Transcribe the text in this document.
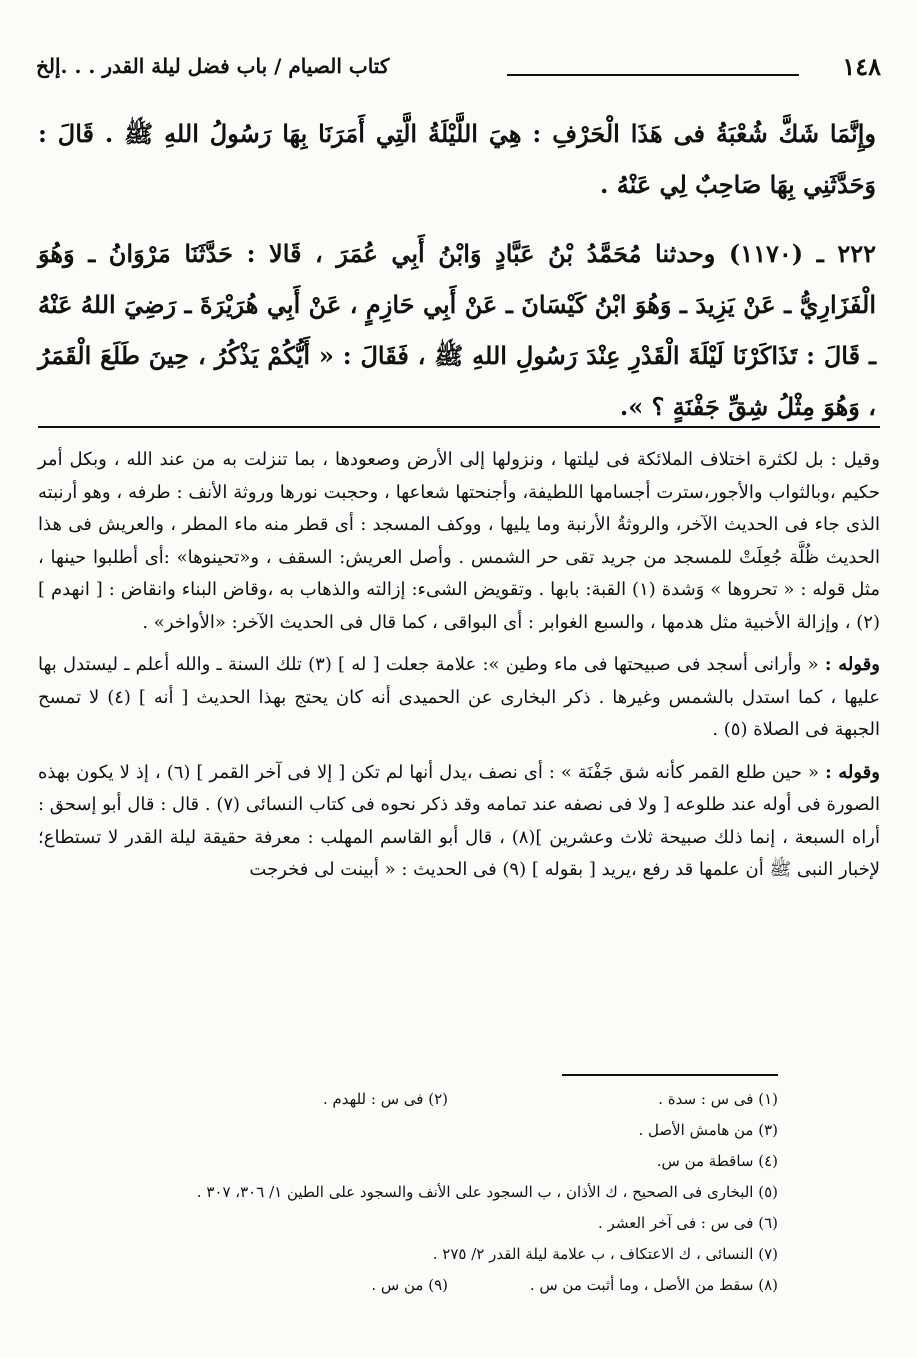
١٤٨
كتاب الصيام / باب فضل ليلة القدر . . .إلخ

وإِنَّمَا شَكَّ شُعْبَةُ فى هَذَا الْحَرْفِ : هِيَ اللَّيْلَةُ الَّتِي أَمَرَنَا بِهَا رَسُولُ اللهِ ﷺ . قَالَ : وَحَدَّثَنِي بِهَا صَاحِبٌ لِي عَنْهُ .

٢٢٢ ـ (١١٧٠) وحدثنا مُحَمَّدُ بْنُ عَبَّادٍ وَابْنُ أَبِي عُمَرَ ، قَالا : حَدَّثَنَا مَرْوَانُ ـ وَهُوَ الْفَزَارِيُّ ـ عَنْ يَزِيدَ ـ وَهُوَ ابْنُ كَيْسَانَ ـ عَنْ أَبِي حَازِمٍ ، عَنْ أَبِي هُرَيْرَةَ ـ رَضِيَ اللهُ عَنْهُ ـ قَالَ : تَذَاكَرْنَا لَيْلَةَ الْقَدْرِ عِنْدَ رَسُولِ اللهِ ﷺ ، فَقَالَ : « أَيُّكُمْ يَذْكُرُ ، حِينَ طَلَعَ الْقَمَرُ ، وَهُوَ مِثْلُ شِقِّ جَفْنَةٍ ؟ ».

وقيل : بل لكثرة اختلاف الملائكة فى ليلتها ، ونزولها إلى الأرض وصعودها ، بما تنزلت به من عند الله ، وبكل أمر حكيم ،وبالثواب والأجور،سترت أجسامها اللطيفة، وأجنحتها شعاعها ، وحجبت نورها وروثة الأنف : طرفه ، وهو أرنبته الذى جاء فى الحديث الآخر، والروثةُ الأرنبة وما يليها ، ووكف المسجد : أى قطر منه ماء المطر ، والعريش فى هذا الحديث ظُلَّة جُعِلَتْ للمسجد من جريد تقى حر الشمس . وأصل العريش: السقف ، و«تحينوها» :أى أطلبوا حينها ، مثل قوله : « تحروها » وَشدة (١) القبة: بابها . وتقويض الشىء: إزالته والذهاب به ،وقاض البناء وانقاض : [ انهدم ] (٢) ، وإزالة الأخبية مثل هدمها ، والسبع الغوابر : أى البواقى ، كما قال فى الحديث الآخر: «الأواخر» .

وقوله : « وأرانى أسجد فى صبيحتها فى ماء وطين »: علامة جعلت [ له ] (٣) تلك السنة ـ والله أعلم ـ ليستدل بها عليها ، كما استدل بالشمس وغيرها . ذكر البخارى عن الحميدى أنه كان يحتج بهذا الحديث [ أنه ] (٤) لا تمسح الجبهة فى الصلاة (٥) .

وقوله : « حين طلع القمر كأنه شق جَفْنَة » : أى نصف ،يدل أنها لم تكن [ إلا فى آخر القمر ] (٦) ، إذ لا يكون بهذه الصورة فى أوله عند طلوعه [ ولا فى نصفه عند تمامه وقد ذكر نحوه فى كتاب النسائى (٧) . قال : قال أبو إسحق : أراه السبعة ، إنما ذلك صبيحة ثلاث وعشرين ](٨) ، قال أبو القاسم المهلب : معرفة حقيقة ليلة القدر لا تستطاع؛ لإخبار النبى ﷺ أن علمها قد رفع ،يريد [ بقوله ] (٩) فى الحديث : « أبينت لى فخرجت

(١) فى س : سدة .
(٢) فى س : للهدم .
(٣) من هامش الأصل .
(٤) ساقطة من س.
(٥) البخارى فى الصحيح ، ك الأذان ، ب السجود على الأنف والسجود على الطين ١/ ٣٠٦، ٣٠٧ .
(٦) فى س : فى آخر العشر .
(٧) النسائى ، ك الاعتكاف ، ب علامة ليلة القدر ٢/ ٢٧٥ .
(٨) سقط من الأصل ، وما أثبت من س .
(٩) من س .
